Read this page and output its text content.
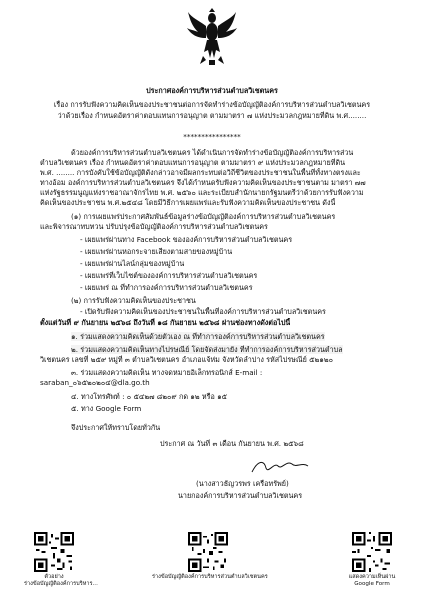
ประกาศองค์การบริหารส่วนตำบลวิเชตนคร
เรื่อง การรับฟังความคิดเห็นของประชาชนต่อการจัดทำร่างข้อบัญญัติองค์การบริหารส่วนตำบลวิเชตนคร
ว่าด้วยเรื่อง กำหนดอัตราค่าตอบแทนการอนุญาต ตามมาตรา ๗ แห่งประมวลกฎหมายที่ดิน พ.ศ........
****************
ด้วยองค์การบริหารส่วนตำบลวิเชตนคร ได้ดำเนินการจัดทำร่างข้อบัญญัติองค์การบริหารส่วน
ตำบลวิเชตนคร เรื่อง กำหนดอัตราค่าตอบแทนการอนุญาต ตามมาตรา ๙ แห่งประมวลกฎหมายที่ดิน
พ.ศ. ........ การบังคับใช้ข้อบัญญัติดังกล่าวอาจมีผลกระทบต่อวิถีชีวิตของประชาชนในพื้นที่ทั้งทางตรงและ
ทางอ้อม องค์การบริหารส่วนตำบลวิเชตนคร จึงได้กำหนดรับฟังความคิดเห็นของประชาชนตาม มาตรา ๗๗
แห่งรัฐธรรมนูญแห่งราชอาณาจักรไทย พ.ศ. ๒๕๖๐ และระเบียบสำนักนายกรัฐมนตรีว่าด้วยการรับฟังความ
คิดเห็นของประชาชน พ.ศ.๒๕๔๘ โดยมีวิธีการเผยแพร่และรับฟังความคิดเห็นของประชาชน ดังนี้
(๑) การเผยแพร่ประกาศสัมพันธ์ข้อมูลร่างข้อบัญญัติองค์การบริหารส่วนตำบลวิเชตนคร
และพิจารณาทบทวน ปรับปรุงข้อบัญญัติองค์การบริหารส่วนตำบลวิเชตนคร
- เผยแพร่ผ่านทาง Facebook ขององค์การบริหารส่วนตำบลวิเชตนคร
- เผยแพร่ผ่านหอกระจายเสียงตามสายของหมู่บ้าน
- เผยแพร่ผ่านไลน์กลุ่มของหมู่บ้าน
- เผยแพร่ที่เว็บไซต์ขององค์การบริหารส่วนตำบลวิเชตนคร
- เผยแพร่ ณ ที่ทำการองค์การบริหารส่วนตำบลวิเชตนคร
(๒) การรับฟังความคิดเห็นของประชาชน
- เปิดรับฟังความคิดเห็นของประชาชนในพื้นที่องค์การบริหารส่วนตำบลวิเชตนคร
ตั้งแต่วันที่ ๙ กันยายน ๒๕๖๘ ถึงวันที่ ๑๘ กันยายน ๒๕๖๘ ผ่านช่องทางดังต่อไปนี้
๑. ร่วมแสดงความคิดเห็นด้วยตัวเอง ณ ที่ทำการองค์การบริหารส่วนตำบลวิเชตนคร
๒. ร่วมแสดงความคิดเห็นทางไปรษณีย์ โดยจัดส่งมายัง ที่ทำการองค์การบริหารส่วนตำบล
วิเชตนคร เลขที่ ๒๕๙ หมู่ที่ ๓ ตำบลวิเชตนคร อำเภอแจ้ห่ม จังหวัดลำปาง รหัสไปรษณีย์ ๕๒๑๒๐
๓. ร่วมแสดงความคิดเห็น ทางจดหมายอิเล็กทรอนิกส์ E-mail :
saraban_๐๖๕๒๐๒๐๔@dla.go.th
๔. ทางโทรศัพท์ : ๐ ๕๔๒๗ ๘๒๐๙ กด ๑๒ หรือ ๑๕
๕. ทาง Google Form
จึงประกาศให้ทราบโดยทั่วกัน
ประกาศ ณ วันที่ ๓ เดือน กันยายน พ.ศ. ๒๕๖๘
(นางสาวธัญวรพร เครือทรัพย์)
นายกองค์การบริหารส่วนตำบลวิเชตนคร
ตัวอย่าง
ร่างข้อบัญญัติองค์การบริหาร...
ร่างข้อบัญญัติองค์การบริหารส่วนตำบลวิเชตนคร	แสดงความเห็นผ่าน
Google Form
